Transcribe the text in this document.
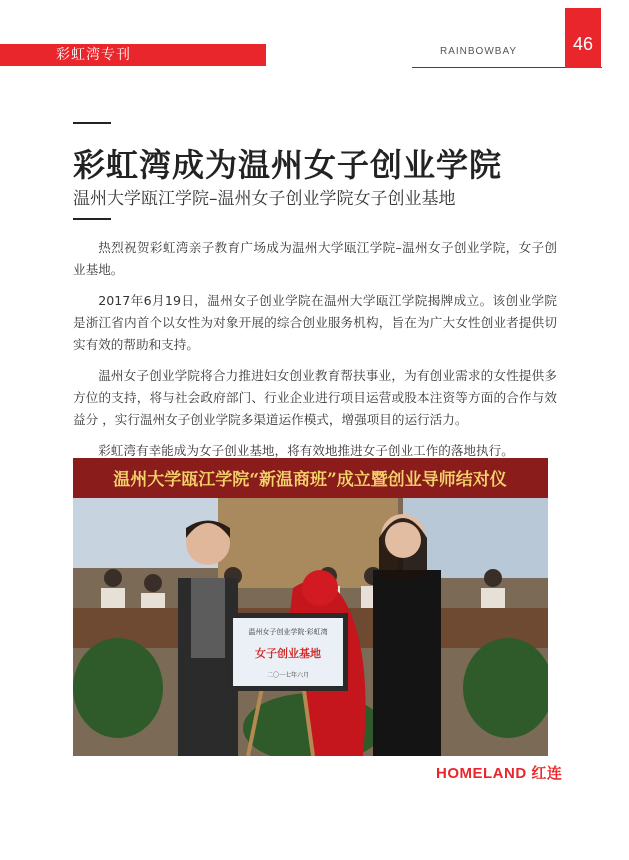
彩虹湾专刊	RAINBOWBAY	46
彩虹湾成为温州女子创业学院
温州大学瓯江学院–温州女子创业学院女子创业基地

热烈祝贺彩虹湾亲子教育广场成为温州大学瓯江学院–温州女子创业学院，女子创业基地。

2017年6月19日，温州女子创业学院在温州大学瓯江学院揭牌成立。该创业学院是浙江省内首个以女性为对象开展的综合创业服务机构，旨在为广大女性创业者提供切实有效的帮助和支持。

温州女子创业学院将合力推进妇女创业教育帮扶事业，为有创业需求的女性提供多方位的支持，将与社会政府部门、行业企业进行项目运营或股本注资等方面的合作与效益分 ，实行温州女子创业学院多渠道运作模式，增强项目的运行活力。

彩虹湾有幸能成为女子创业基地，将有效地推进女子创业工作的落地执行。

温州大学瓯江学院“新温商班”成立暨创业导师结对仪
温州女子创业学院·彩虹湾
女子创业基地
二〇一七年六月
HOMELAND 红连
